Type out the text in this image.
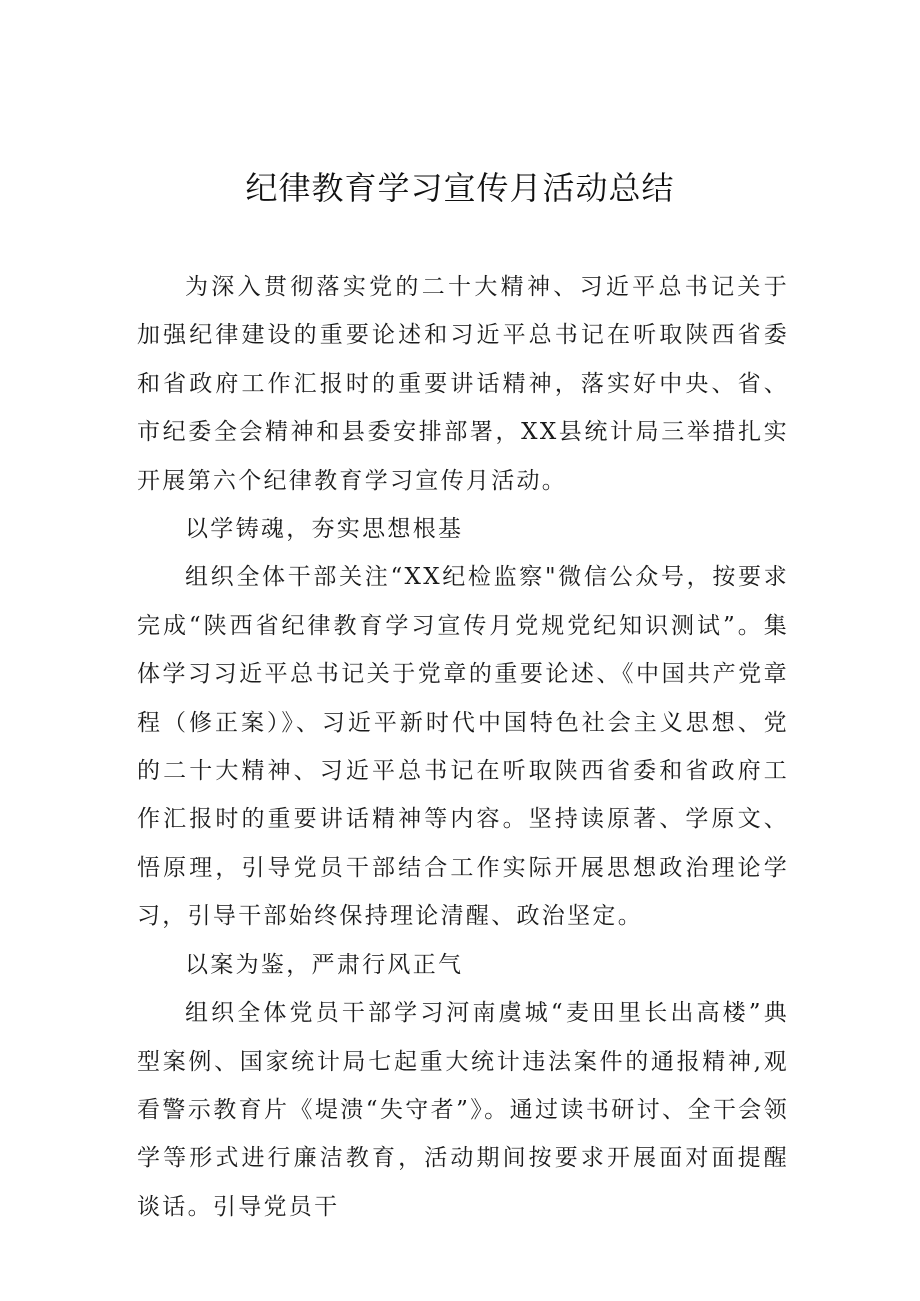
纪律教育学习宣传月活动总结

为深入贯彻落实党的二十大精神、习近平总书记关于加强纪律建设的重要论述和习近平总书记在听取陕西省委和省政府工作汇报时的重要讲话精神，落实好中央、省、市纪委全会精神和县委安排部署，XX县统计局三举措扎实开展第六个纪律教育学习宣传月活动。

以学铸魂，夯实思想根基

组织全体干部关注“XX纪检监察"微信公众号，按要求完成“陕西省纪律教育学习宣传月党规党纪知识测试”。集体学习习近平总书记关于党章的重要论述、《中国共产党章程（修正案）》、习近平新时代中国特色社会主义思想、党的二十大精神、习近平总书记在听取陕西省委和省政府工作汇报时的重要讲话精神等内容。坚持读原著、学原文、悟原理，引导党员干部结合工作实际开展思想政治理论学习，引导干部始终保持理论清醒、政治坚定。

以案为鉴，严肃行风正气

组织全体党员干部学习河南虞城“麦田里长出高楼”典型案例、国家统计局七起重大统计违法案件的通报精神,观看警示教育片《堤溃“失守者”》。通过读书研讨、全干会领学等形式进行廉洁教育，活动期间按要求开展面对面提醒谈话。引导党员干
